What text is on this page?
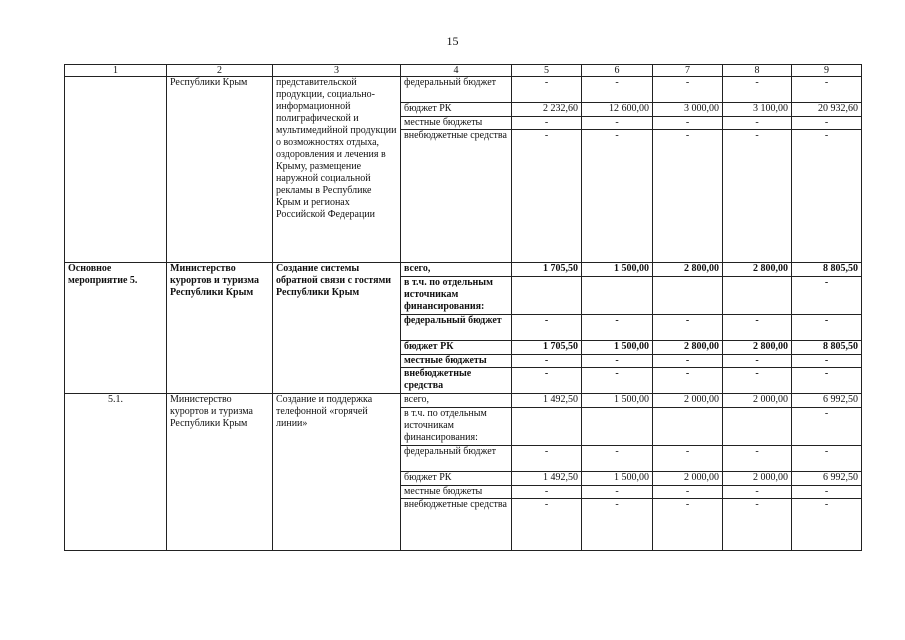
15
1	2	3	4	5	6	7	8	9
	Республики Крым	представительской продукции, социально-информационной полиграфической и мультимедийной продукции о возможностях отдыха, оздоровления и лечения в Крыму, размещение наружной социальной рекламы в Республике Крым и регионах Российской Федерации	федеральный бюджет	-	-	-	-	-
			бюджет РК	2 232,60	12 600,00	3 000,00	3 100,00	20 932,60
			местные бюджеты	-	-	-	-	-
			внебюджетные средства	-	-	-	-	-
Основное мероприятие 5.	Министерство курортов и туризма Республики Крым	Создание системы обратной связи с гостями Республики Крым	всего,	1 705,50	1 500,00	2 800,00	2 800,00	8 805,50
			в т.ч. по отдельным источникам финансирования:					-
			федеральный бюджет	-	-	-	-	-
			бюджет РК	1 705,50	1 500,00	2 800,00	2 800,00	8 805,50
			местные бюджеты	-	-	-	-	-
			внебюджетные средства	-	-	-	-	-
5.1.	Министерство курортов и туризма Республики Крым	Создание и поддержка телефонной «горячей линии»	всего,	1 492,50	1 500,00	2 000,00	2 000,00	6 992,50
			в т.ч. по отдельным источникам финансирования:					-
			федеральный бюджет	-	-	-	-	-
			бюджет РК	1 492,50	1 500,00	2 000,00	2 000,00	6 992,50
			местные бюджеты	-	-	-	-	-
			внебюджетные средства	-	-	-	-	-
